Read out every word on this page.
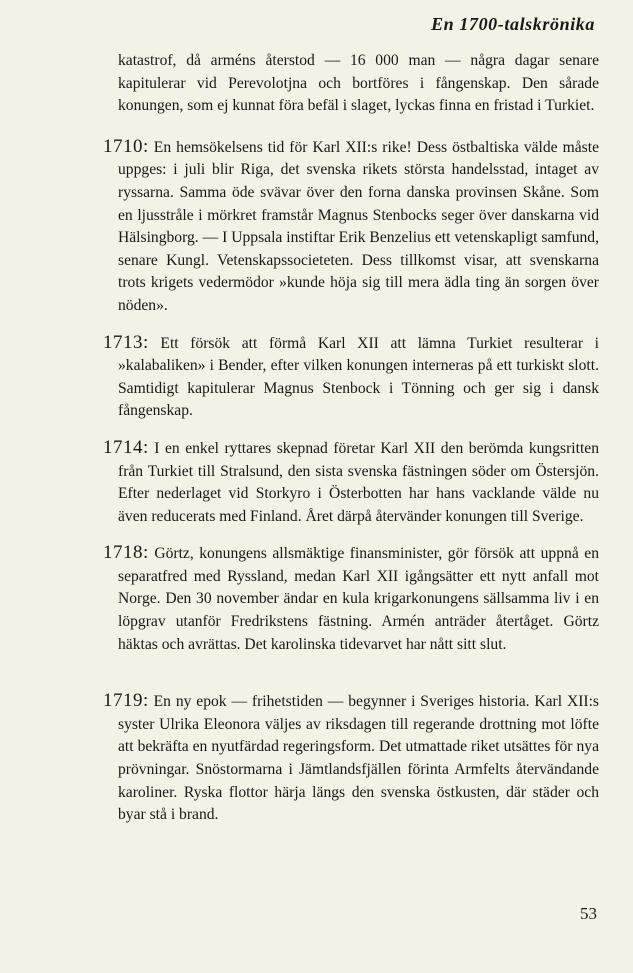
En 1700-talskrönika

katastrof, då arméns återstod — 16 000 man — några dagar senare kapitulerar vid Perevolotjna och bortföres i fångenskap. Den sårade konungen, som ej kunnat föra befäl i slaget, lyckas finna en fristad i Turkiet.

1710: En hemsökelsens tid för Karl XII:s rike! Dess östbaltiska välde måste uppges: i juli blir Riga, det svenska rikets största handelsstad, intaget av ryssarna. Samma öde svävar över den forna danska provinsen Skåne. Som en ljusstråle i mörkret framstår Magnus Stenbocks seger över danskarna vid Hälsingborg. — I Uppsala instiftar Erik Benzelius ett vetenskapligt samfund, senare Kungl. Vetenskapssocieteten. Dess tillkomst visar, att svenskarna trots krigets vedermödor »kunde höja sig till mera ädla ting än sorgen över nöden».

1713: Ett försök att förmå Karl XII att lämna Turkiet resulterar i »kalabaliken» i Bender, efter vilken konungen interneras på ett turkiskt slott. Samtidigt kapitulerar Magnus Stenbock i Tönning och ger sig i dansk fångenskap.

1714: I en enkel ryttares skepnad företar Karl XII den berömda kungsritten från Turkiet till Stralsund, den sista svenska fästningen söder om Östersjön. Efter nederlaget vid Storkyro i Österbotten har hans vacklande välde nu även reducerats med Finland. Året därpå återvänder konungen till Sverige.

1718: Görtz, konungens allsmäktige finansminister, gör försök att uppnå en separatfred med Ryssland, medan Karl XII igångsätter ett nytt anfall mot Norge. Den 30 november ändar en kula krigarkonungens sällsamma liv i en löpgrav utanför Fredrikstens fästning. Armén anträder återtåget. Görtz häktas och avrättas. Det karolinska tidevarvet har nått sitt slut.

1719: En ny epok — frihetstiden — begynner i Sveriges historia. Karl XII:s syster Ulrika Eleonora väljes av riksdagen till regerande drottning mot löfte att bekräfta en nyutfärdad regeringsform. Det utmattade riket utsättes för nya prövningar. Snöstormarna i Jämtlandsfjällen förinta Armfelts återvändande karoliner. Ryska flottor härja längs den svenska östkusten, där städer och byar stå i brand.

53
